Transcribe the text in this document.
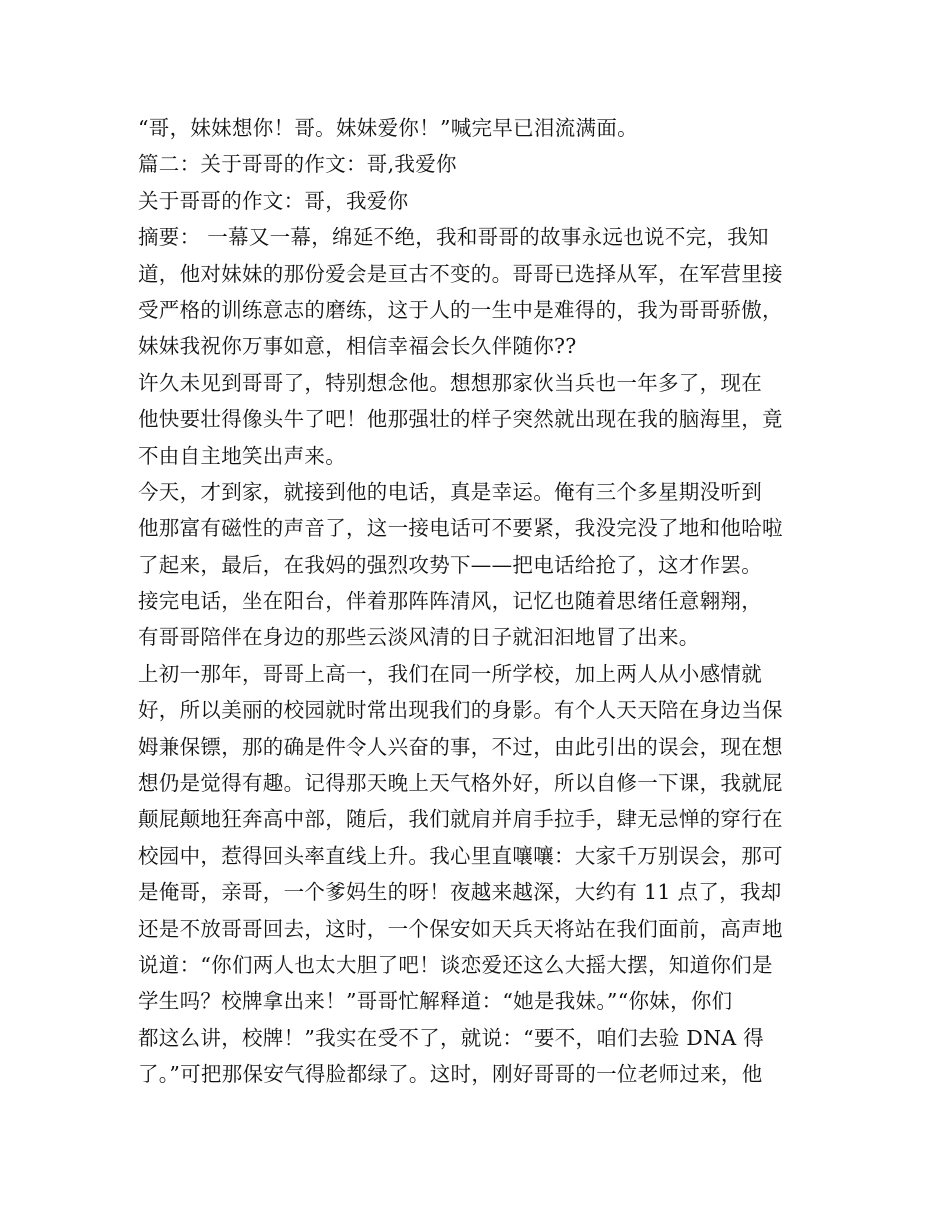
“哥，妹妹想你！哥。妹妹爱你！”喊完早已泪流满面。
篇二：关于哥哥的作文：哥,我爱你
关于哥哥的作文：哥，我爱你
摘要： 一幕又一幕，绵延不绝，我和哥哥的故事永远也说不完，我知
道，他对妹妹的那份爱会是亘古不变的。哥哥已选择从军，在军营里接
受严格的训练意志的磨练，这于人的一生中是难得的，我为哥哥骄傲，
妹妹我祝你万事如意，相信幸福会长久伴随你??
许久未见到哥哥了，特别想念他。想想那家伙当兵也一年多了，现在
他快要壮得像头牛了吧！他那强壮的样子突然就出现在我的脑海里，竟
不由自主地笑出声来。
今天，才到家，就接到他的电话，真是幸运。俺有三个多星期没听到
他那富有磁性的声音了，这一接电话可不要紧，我没完没了地和他哈啦
了起来，最后，在我妈的强烈攻势下——把电话给抢了，这才作罢。
接完电话，坐在阳台，伴着那阵阵清风，记忆也随着思绪任意翱翔，
有哥哥陪伴在身边的那些云淡风清的日子就汩汩地冒了出来。
上初一那年，哥哥上高一，我们在同一所学校，加上两人从小感情就
好，所以美丽的校园就时常出现我们的身影。有个人天天陪在身边当保
姆兼保镖，那的确是件令人兴奋的事，不过，由此引出的误会，现在想
想仍是觉得有趣。记得那天晚上天气格外好，所以自修一下课，我就屁
颠屁颠地狂奔高中部，随后，我们就肩并肩手拉手，肆无忌惮的穿行在
校园中，惹得回头率直线上升。我心里直嚷嚷：大家千万别误会，那可
是俺哥，亲哥，一个爹妈生的呀！夜越来越深，大约有 11 点了，我却
还是不放哥哥回去，这时，一个保安如天兵天将站在我们面前，高声地
说道：“你们两人也太大胆了吧！谈恋爱还这么大摇大摆，知道你们是
学生吗？校牌拿出来！”哥哥忙解释道：“她是我妹。”“你妹，你们
都这么讲，校牌！”我实在受不了，就说：“要不，咱们去验 DNA 得
了。”可把那保安气得脸都绿了。这时，刚好哥哥的一位老师过来，他
